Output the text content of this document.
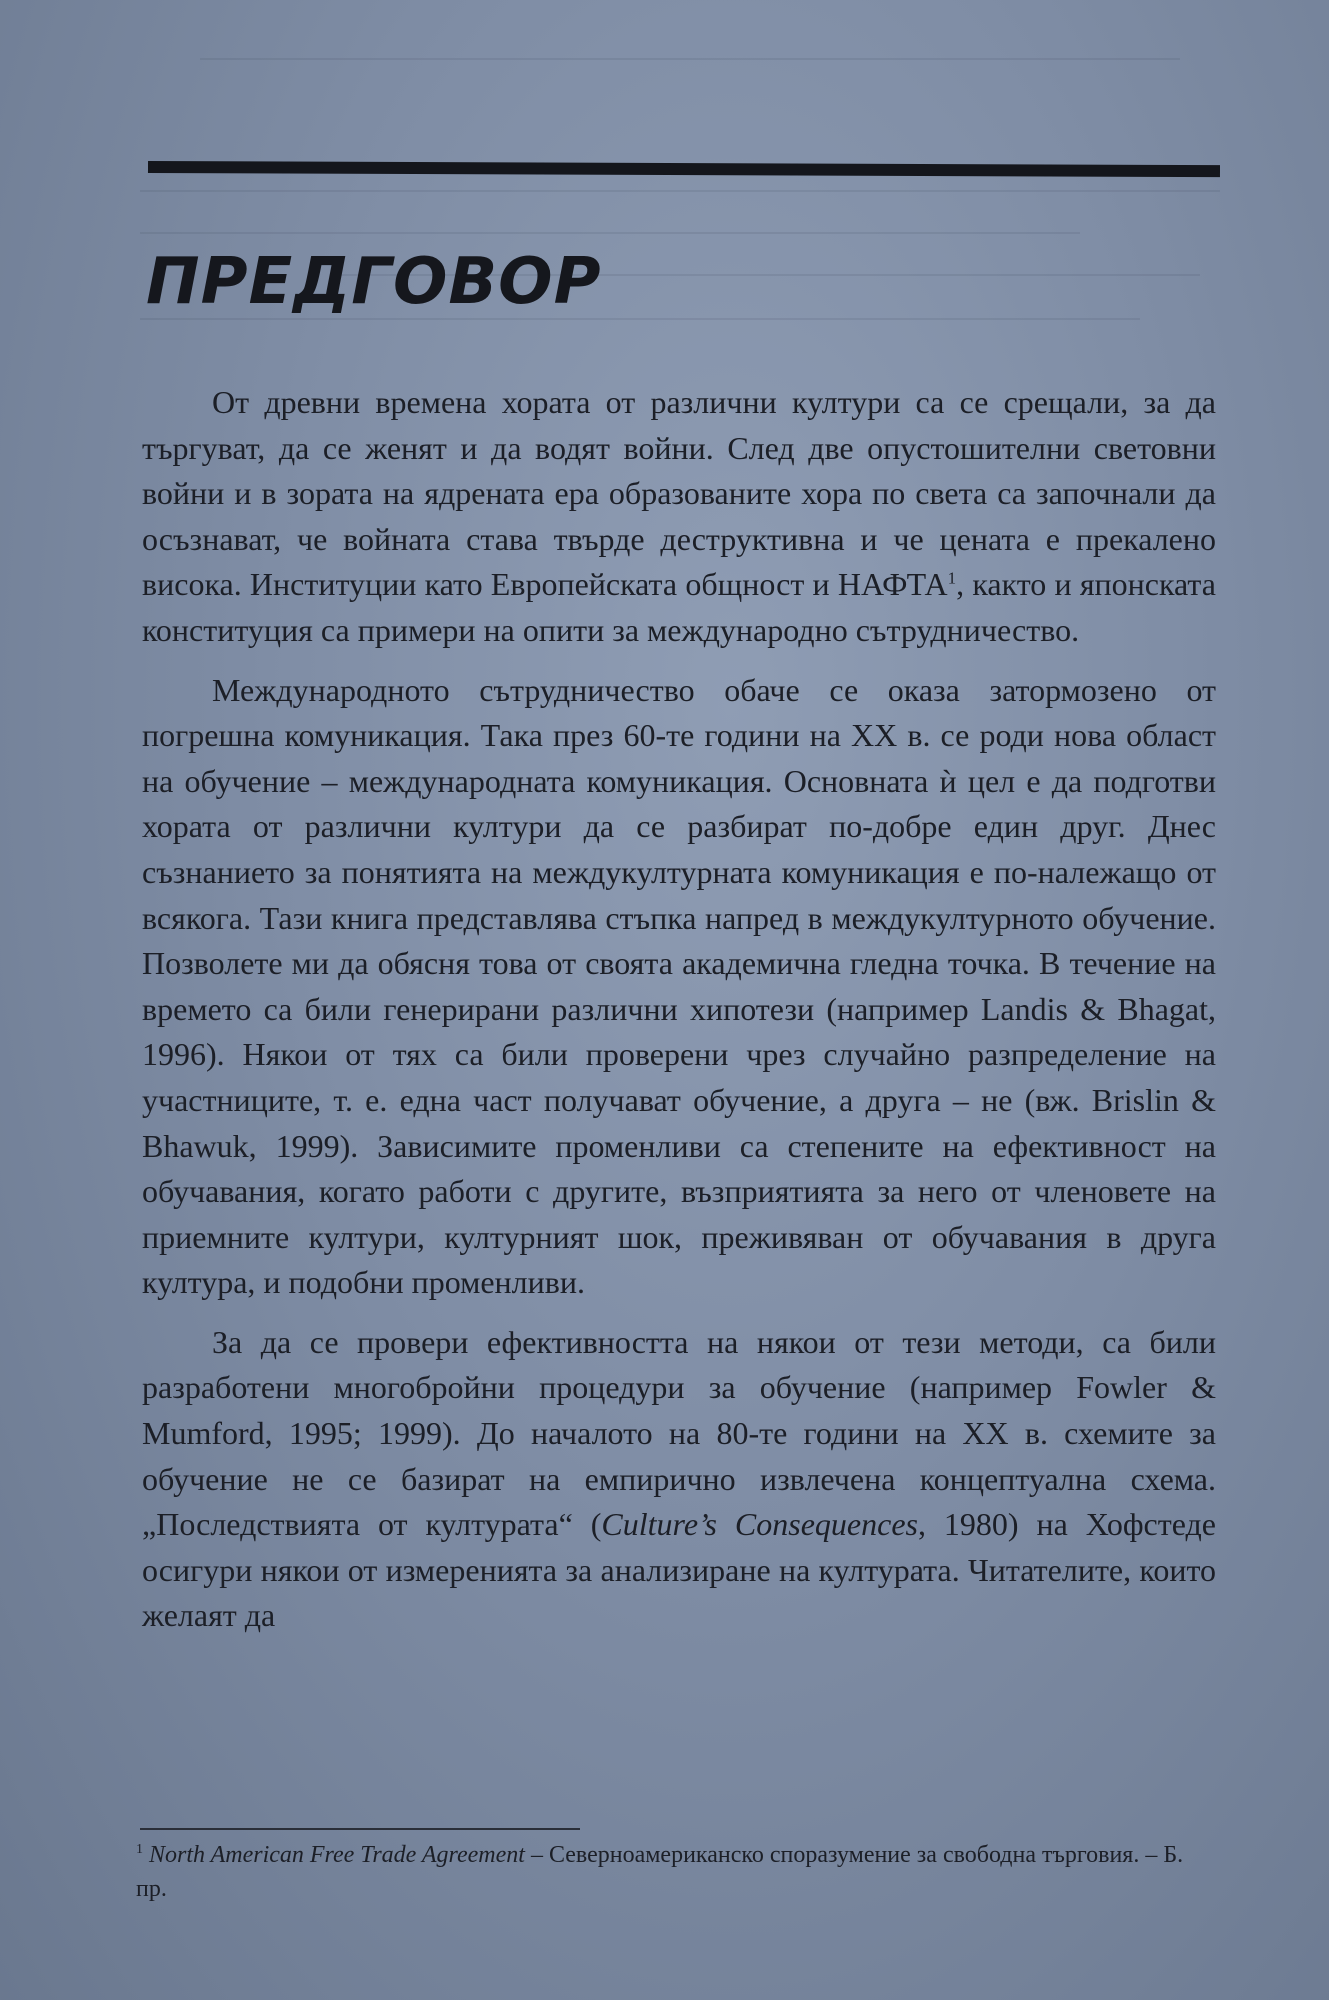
ПРЕДГОВОР

От древни времена хората от различни култури са се срещали, за да търгуват, да се женят и да водят войни. След две опустошителни световни войни и в зората на ядрената ера образованите хора по света са започнали да осъзнават, че войната става твърде деструктивна и че цената е прекалено висока. Институции като Европейската общност и НАФТА$^1$, както и японската конституция са примери на опити за международно сътрудничество.

Международното сътрудничество обаче се оказа затормозено от погрешна комуникация. Така през 60-те години на XX в. се роди нова област на обучение – международната комуникация. Основната ѝ цел е да подготви хората от различни култури да се разбират по-добре един друг. Днес съзнанието за понятията на междукултурната комуникация е по-належащо от всякога. Тази книга представлява стъпка напред в междукултурното обучение. Позволете ми да обясня това от своята академична гледна точка. В течение на времето са били генерирани различни хипотези (например Landis & Bhagat, 1996). Някои от тях са били проверени чрез случайно разпределение на участниците, т. е. една част получават обучение, а друга – не (вж. Brislin & Bhawuk, 1999). Зависимите променливи са степените на ефективност на обучавания, когато работи с другите, възприятията за него от членовете на приемните култури, културният шок, преживяван от обучавания в друга култура, и подобни променливи.

За да се провери ефективността на някои от тези методи, са били разработени многобройни процедури за обучение (например Fowler & Mumford, 1995; 1999). До началото на 80-те години на XX в. схемите за обучение не се базират на емпирично извлечена концептуална схема. „Последствията от културата“ (Culture’s Consequences, 1980) на Хофстеде осигури някои от измеренията за анализиране на културата. Читателите, които желаят да

$^1$ North American Free Trade Agreement – Северноамериканско споразумение за свободна търговия. – Б. пр.
